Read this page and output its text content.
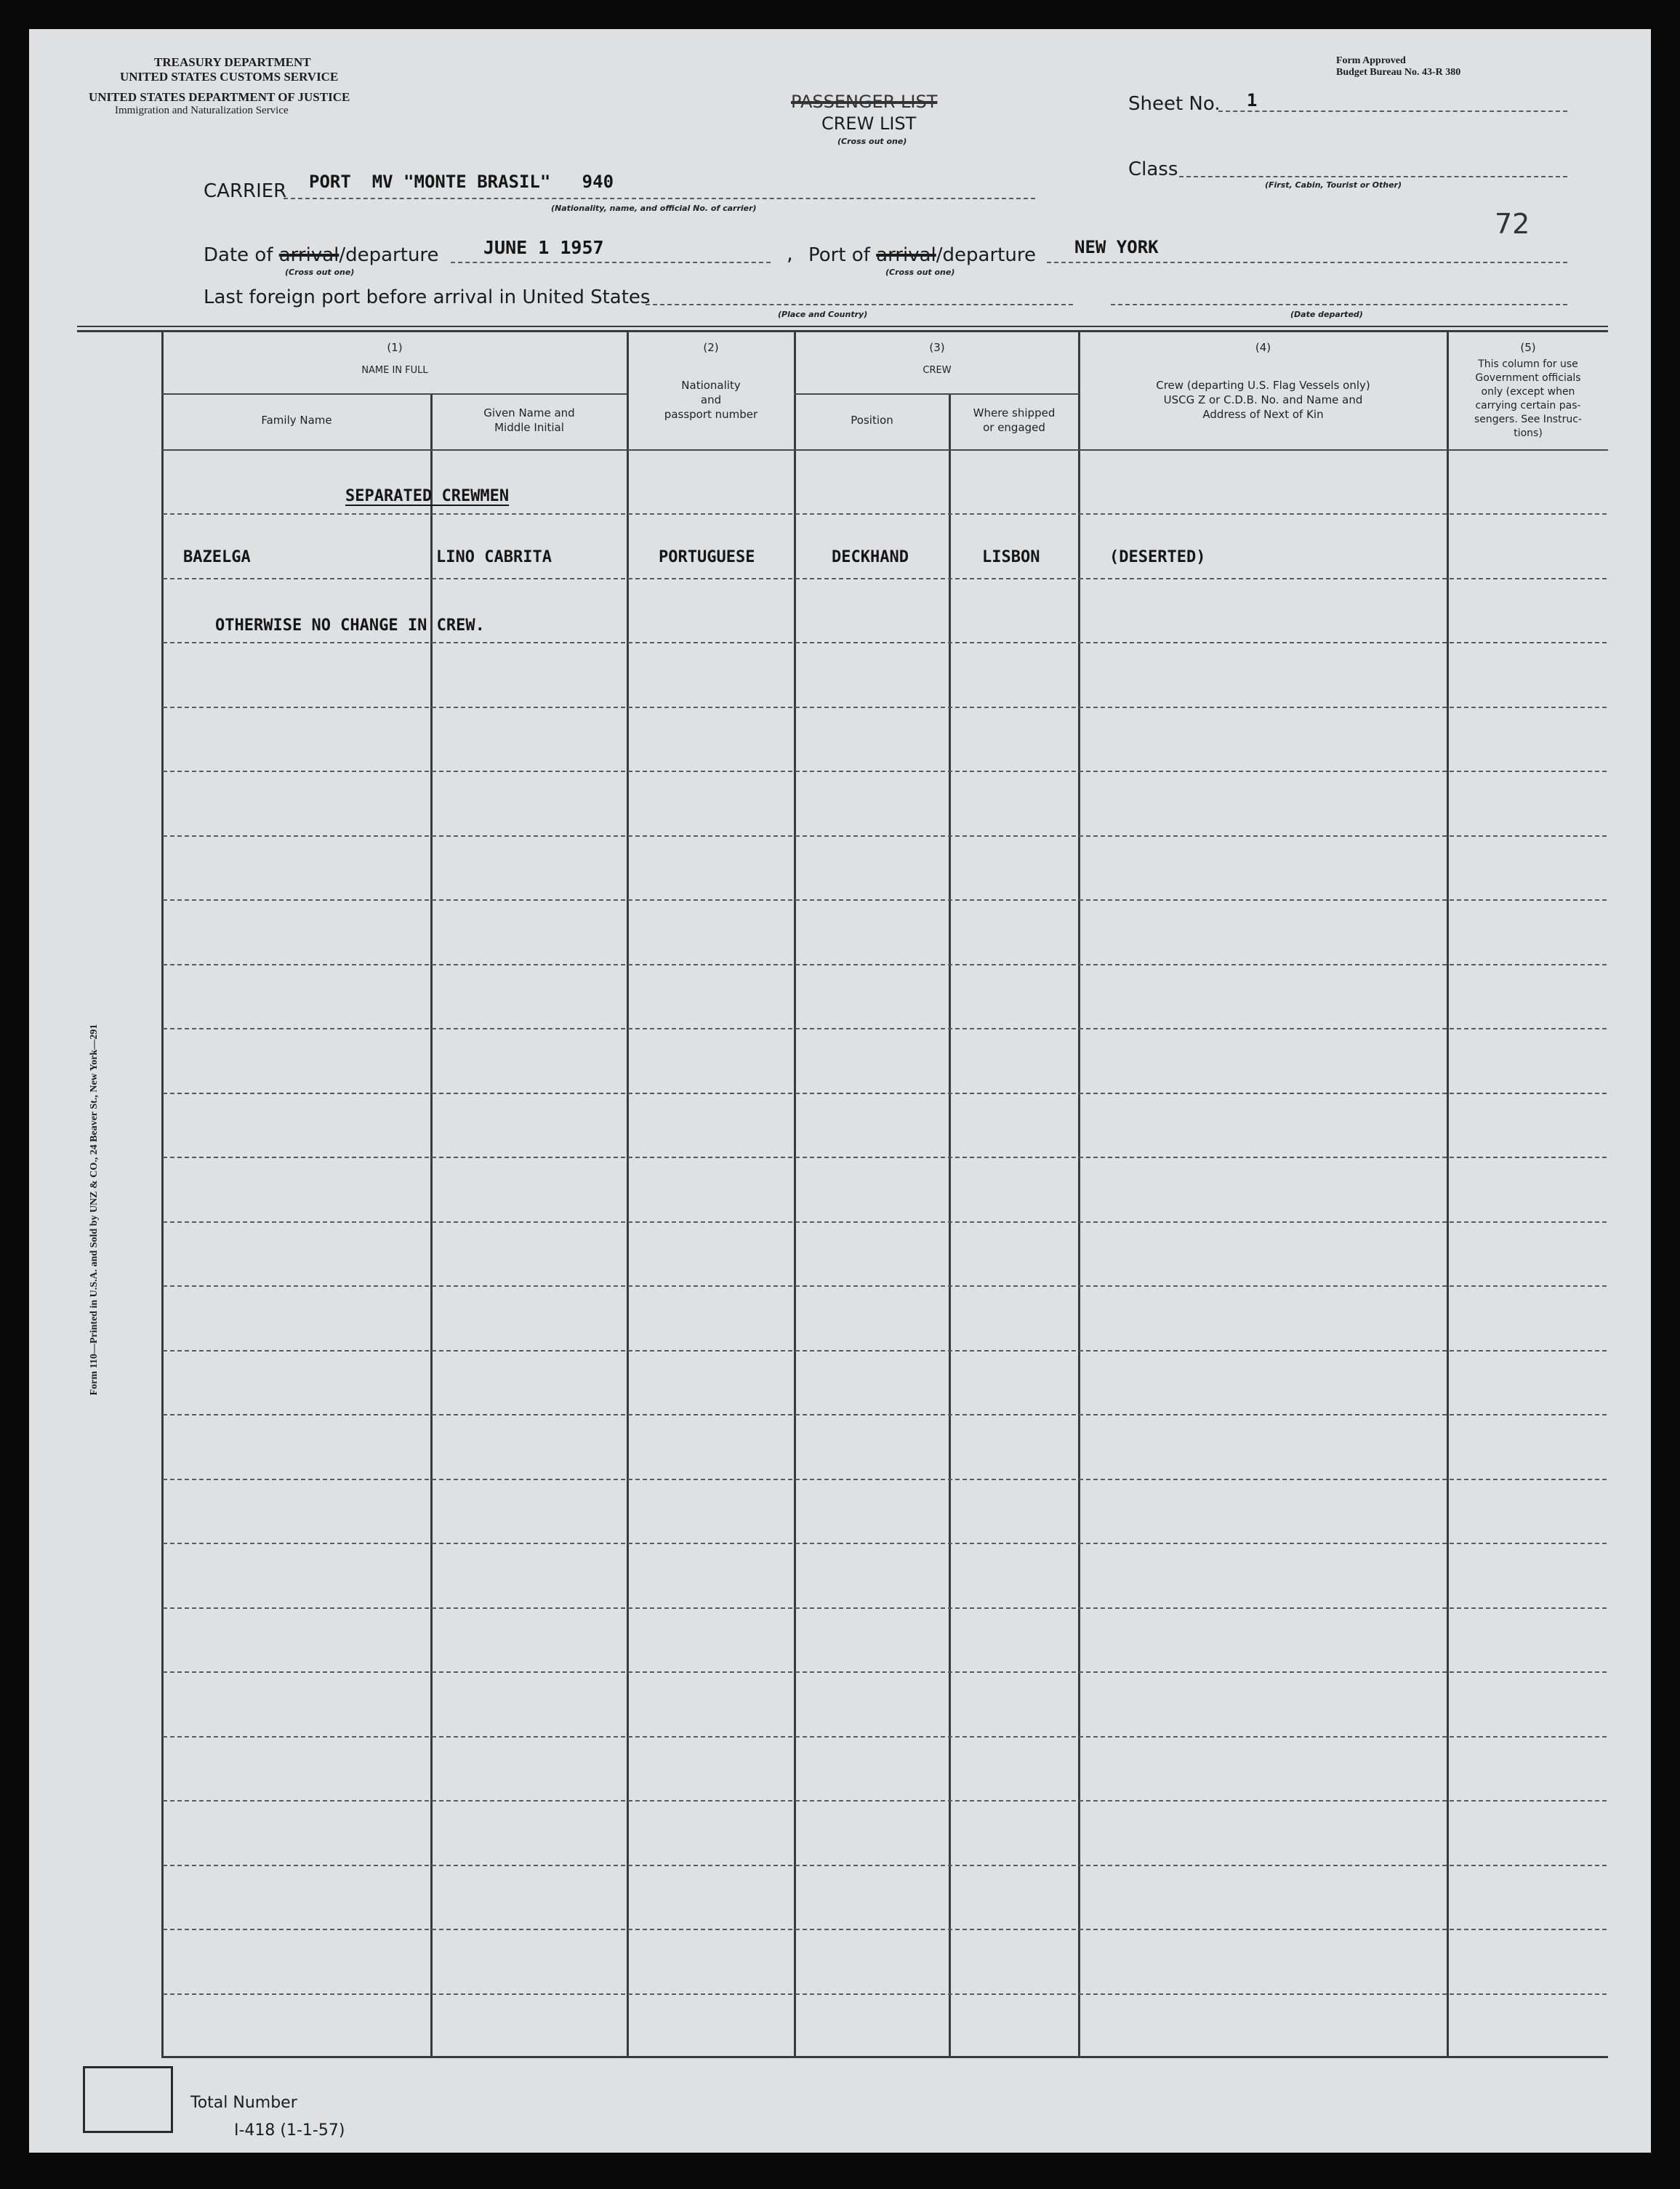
TREASURY DEPARTMENT
UNITED STATES CUSTOMS SERVICE
UNITED STATES DEPARTMENT OF JUSTICE
Immigration and Naturalization Service
Form Approved
Budget Bureau No. 43-R 380
PASSENGER LIST
CREW LIST
(Cross out one)
Sheet No. 1
Class
(First, Cabin, Tourist or Other)
72
CARRIER PORT  MV "MONTE BRASIL"   940
(Nationality, name, and official No. of carrier)
Date of arrival/departure JUNE 1 1957
(Cross out one)
, Port of arrival/departure NEW YORK
(Cross out one)
Last foreign port before arrival in United States
(Place and Country)	(Date departed)
(1)
NAME IN FULL
Family Name
Given Name and
Middle Initial
(2)
Nationality
and
passport number
(3)
CREW
Position
Where shipped
or engaged
(4)
Crew (departing U.S. Flag Vessels only)
USCG Z or C.D.B. No. and Name and
Address of Next of Kin
(5)
This column for use
Government officials
only (except when
carrying certain pas-
sengers. See Instruc-
tions)
SEPARATED CREWMEN
BAZELGA	LINO CABRITA	PORTUGUESE	DECKHAND	LISBON	(DESERTED)
OTHERWISE NO CHANGE IN CREW.
Form 110—Printed in U.S.A. and Sold by UNZ & CO., 24 Beaver St., New York—291
Total Number
I-418 (1-1-57)
